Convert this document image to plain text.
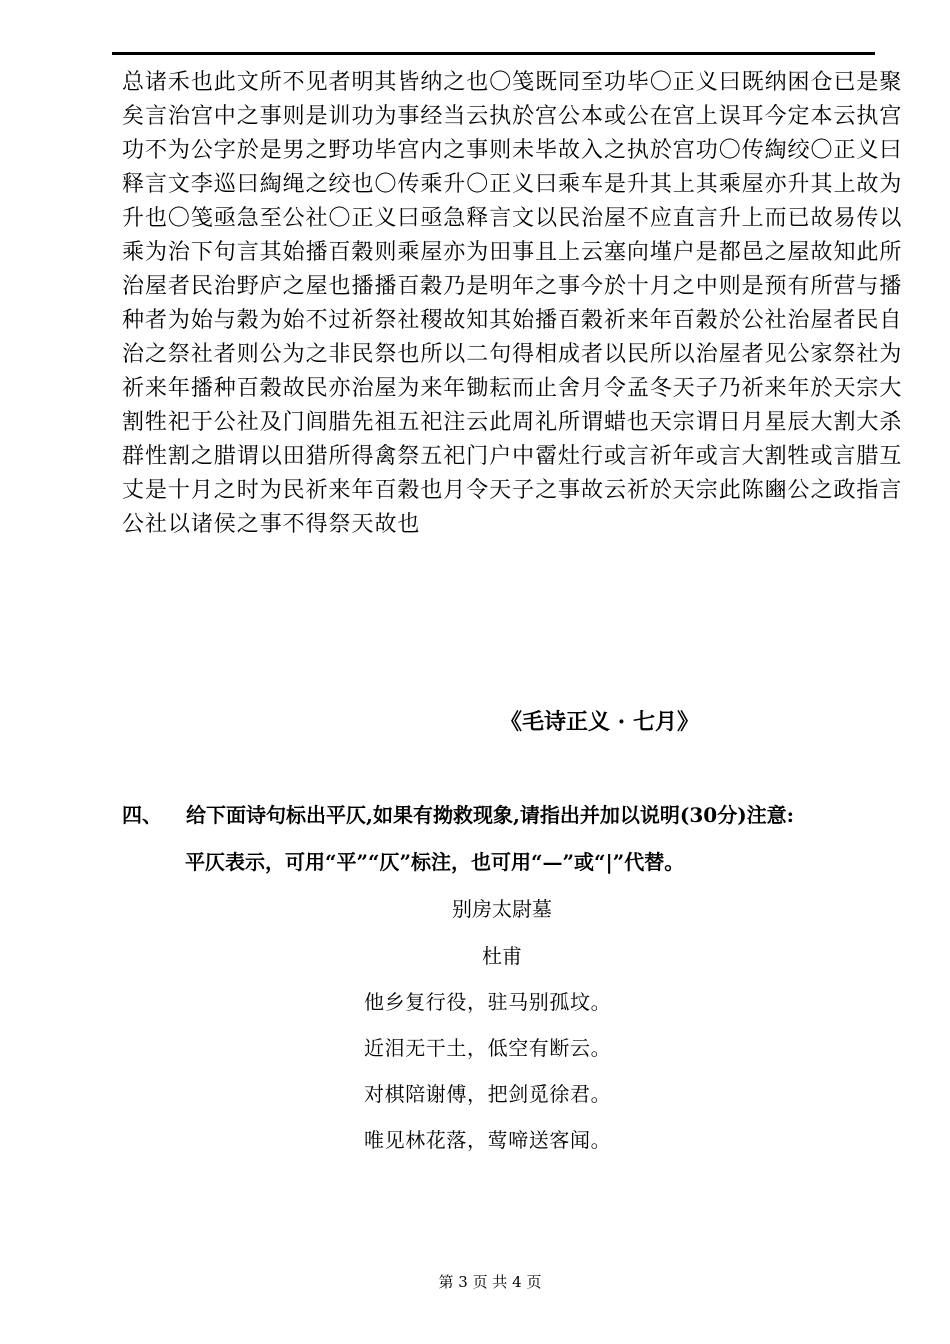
总诸禾也此文所不见者明其皆纳之也〇笺既同至功毕〇正义曰既纳困仓已是聚
矣言治宫中之事则是训功为事经当云执於宫公本或公在宫上误耳今定本云执宫
功不为公字於是男之野功毕宫内之事则未毕故入之执於宫功〇传綯绞〇正义曰
释言文李巡曰綯绳之绞也〇传乘升〇正义曰乘车是升其上其乘屋亦升其上故为
升也〇笺亟急至公社〇正义曰亟急释言文以民治屋不应直言升上而已故易传以
乘为治下句言其始播百穀则乘屋亦为田事且上云塞向墐户是都邑之屋故知此所
治屋者民治野庐之屋也播播百穀乃是明年之事今於十月之中则是预有所营与播
种者为始与穀为始不过祈祭社稷故知其始播百穀祈来年百穀於公社治屋者民自
治之祭社者则公为之非民祭也所以二句得相成者以民所以治屋者见公家祭社为
祈来年播种百穀故民亦治屋为来年锄耘而止舍月令孟冬天子乃祈来年於天宗大
割牲祀于公社及门闾腊先祖五祀注云此周礼所谓蜡也天宗谓日月星辰大割大杀
群性割之腊谓以田猎所得禽祭五祀门户中霤灶行或言祈年或言大割牲或言腊互
丈是十月之时为民祈来年百穀也月令天子之事故云祈於天宗此陈豳公之政指言
公社以诸侯之事不得祭天故也
《毛诗正义 · 七月》
四、 给下面诗句标出平仄,如果有拗救现象,请指出并加以说明(30分)注意:
平仄表示，可用“平”“仄”标注，也可用“—”或“|”代替。
别房太尉墓
杜甫
他乡复行役，驻马别孤坟。
近泪无干土，低空有断云。
对棋陪谢傅，把剑觅徐君。
唯见林花落，莺啼送客闻。
第 3 页 共 4 页
